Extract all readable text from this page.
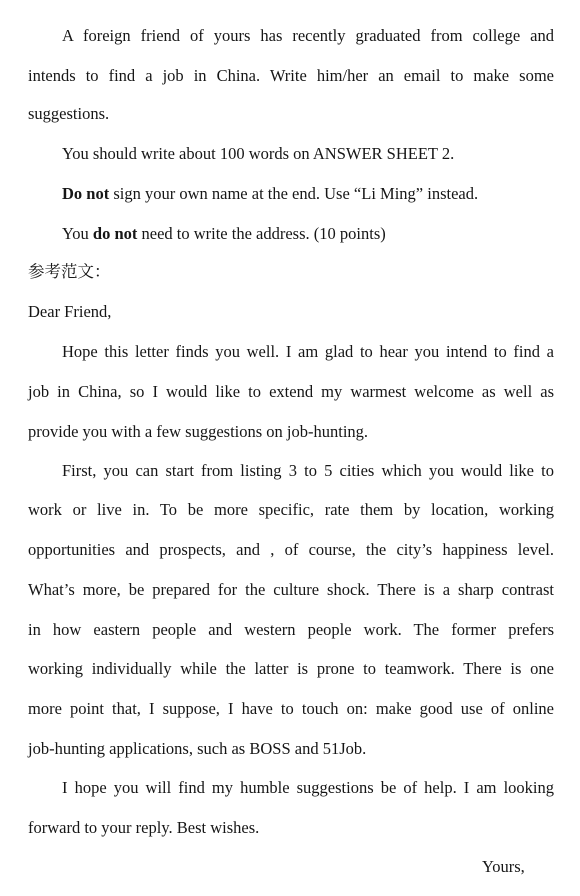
A foreign friend of yours has recently graduated from college and
intends to find a job in China. Write him/her an email to make some
suggestions.
You should write about 100 words on ANSWER SHEET 2.
Do not sign your own name at the end. Use “Li Ming” instead.
You do not need to write the address. (10 points)
参考范文：
Dear Friend,
Hope this letter finds you well. I am glad to hear you intend to find a
job in China, so I would like to extend my warmest welcome as well as
provide you with a few suggestions on job-hunting.
First, you can start from listing 3 to 5 cities which you would like to
work or live in. To be more specific, rate them by location, working
opportunities and prospects, and , of course, the city’s happiness level.
What’s more, be prepared for the culture shock. There is a sharp contrast
in how eastern people and western people work. The former prefers
working individually while the latter is prone to teamwork. There is one
more point that, I suppose, I have to touch on: make good use of online
job-hunting applications, such as BOSS and 51Job.
I hope you will find my humble suggestions be of help. I am looking
forward to your reply. Best wishes.
Yours,
